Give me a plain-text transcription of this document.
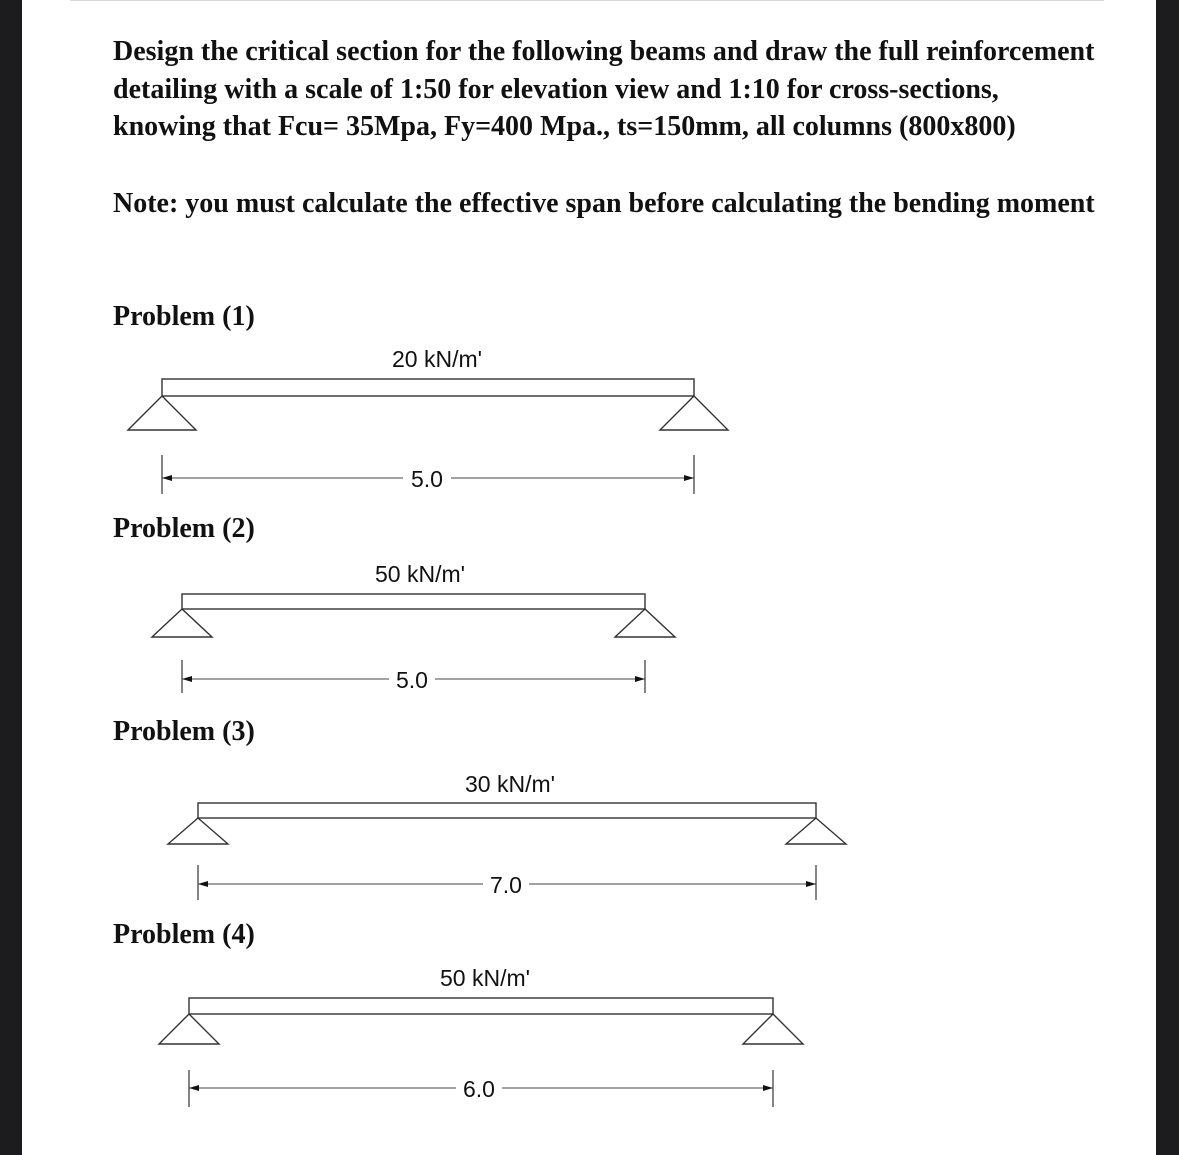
Design the critical section for the following beams and draw the full reinforcement detailing with a scale of 1:50 for elevation view and 1:10 for cross-sections, knowing that Fcu= 35Mpa, Fy=400 Mpa., ts=150mm, all columns (800x800)

Note: you must calculate the effective span before calculating the bending moment

Problem (1)

Problem (2)

Problem (3)

Problem (4)

20 kN/m'
5.0
50 kN/m'
5.0
30 kN/m'
7.0
50 kN/m'
6.0
